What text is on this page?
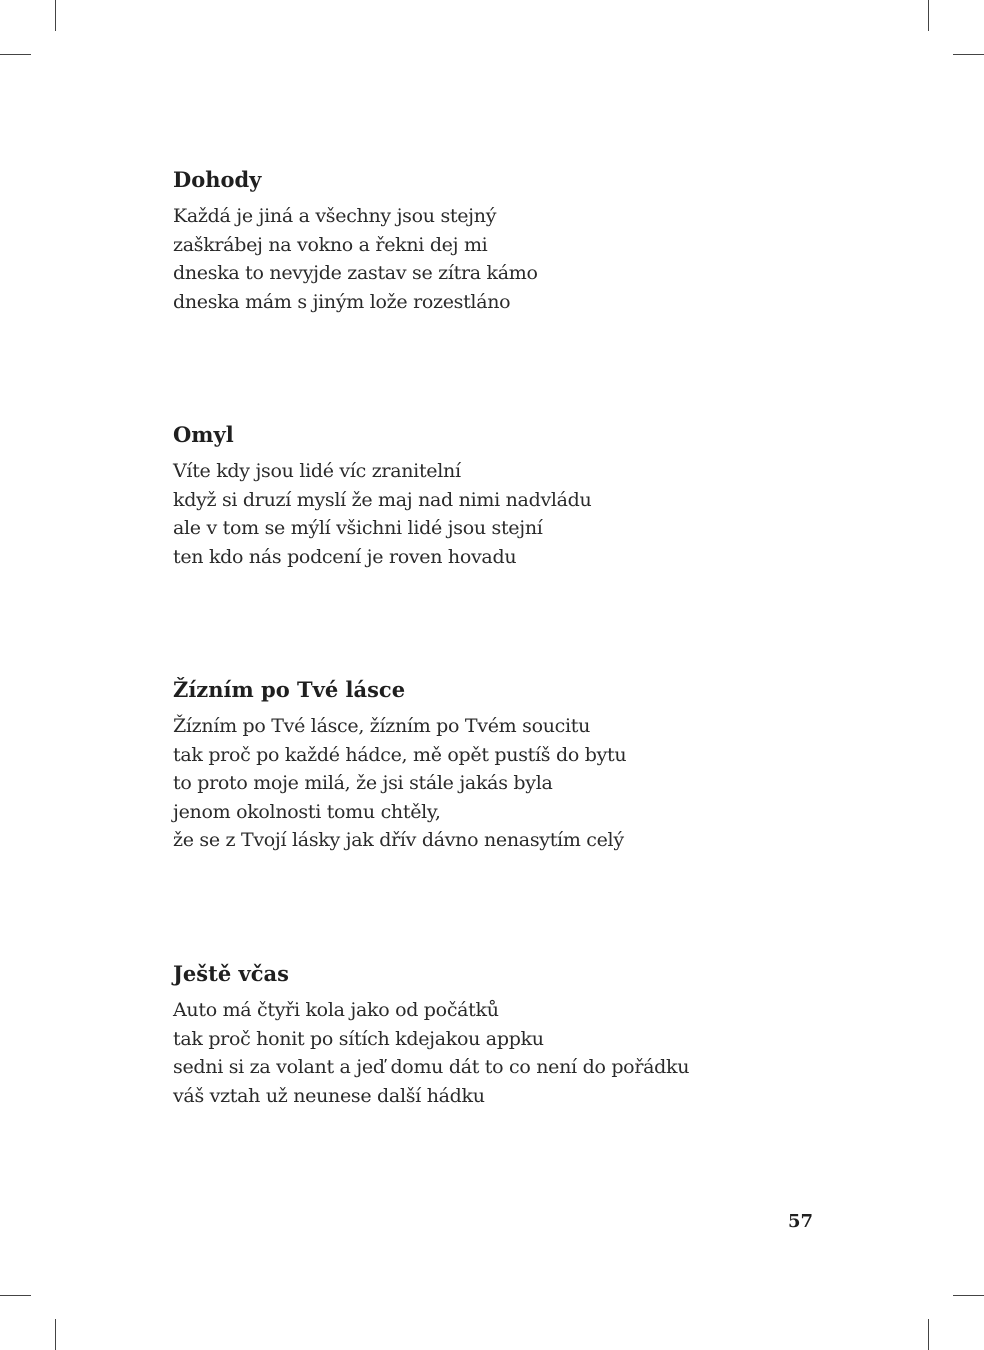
Dohody
Každá je jiná a všechny jsou stejný
zaškrábej na vokno a řekni dej mi
dneska to nevyjde zastav se zítra kámo
dneska mám s jiným lože rozestláno
Omyl
Víte kdy jsou lidé víc zranitelní
když si druzí myslí že maj nad nimi nadvládu
ale v tom se mýlí všichni lidé jsou stejní
ten kdo nás podcení je roven hovadu
Žízním po Tvé lásce
Žízním po Tvé lásce, žízním po Tvém soucitu
tak proč po každé hádce, mě opět pustíš do bytu
to proto moje milá, že jsi stále jakás byla
jenom okolnosti tomu chtěly,
že se z Tvojí lásky jak dřív dávno nenasytím celý
Ještě včas
Auto má čtyři kola jako od počátků
tak proč honit po sítích kdejakou appku
sedni si za volant a jeď domu dát to co není do pořádku
váš vztah už neunese další hádku
57
